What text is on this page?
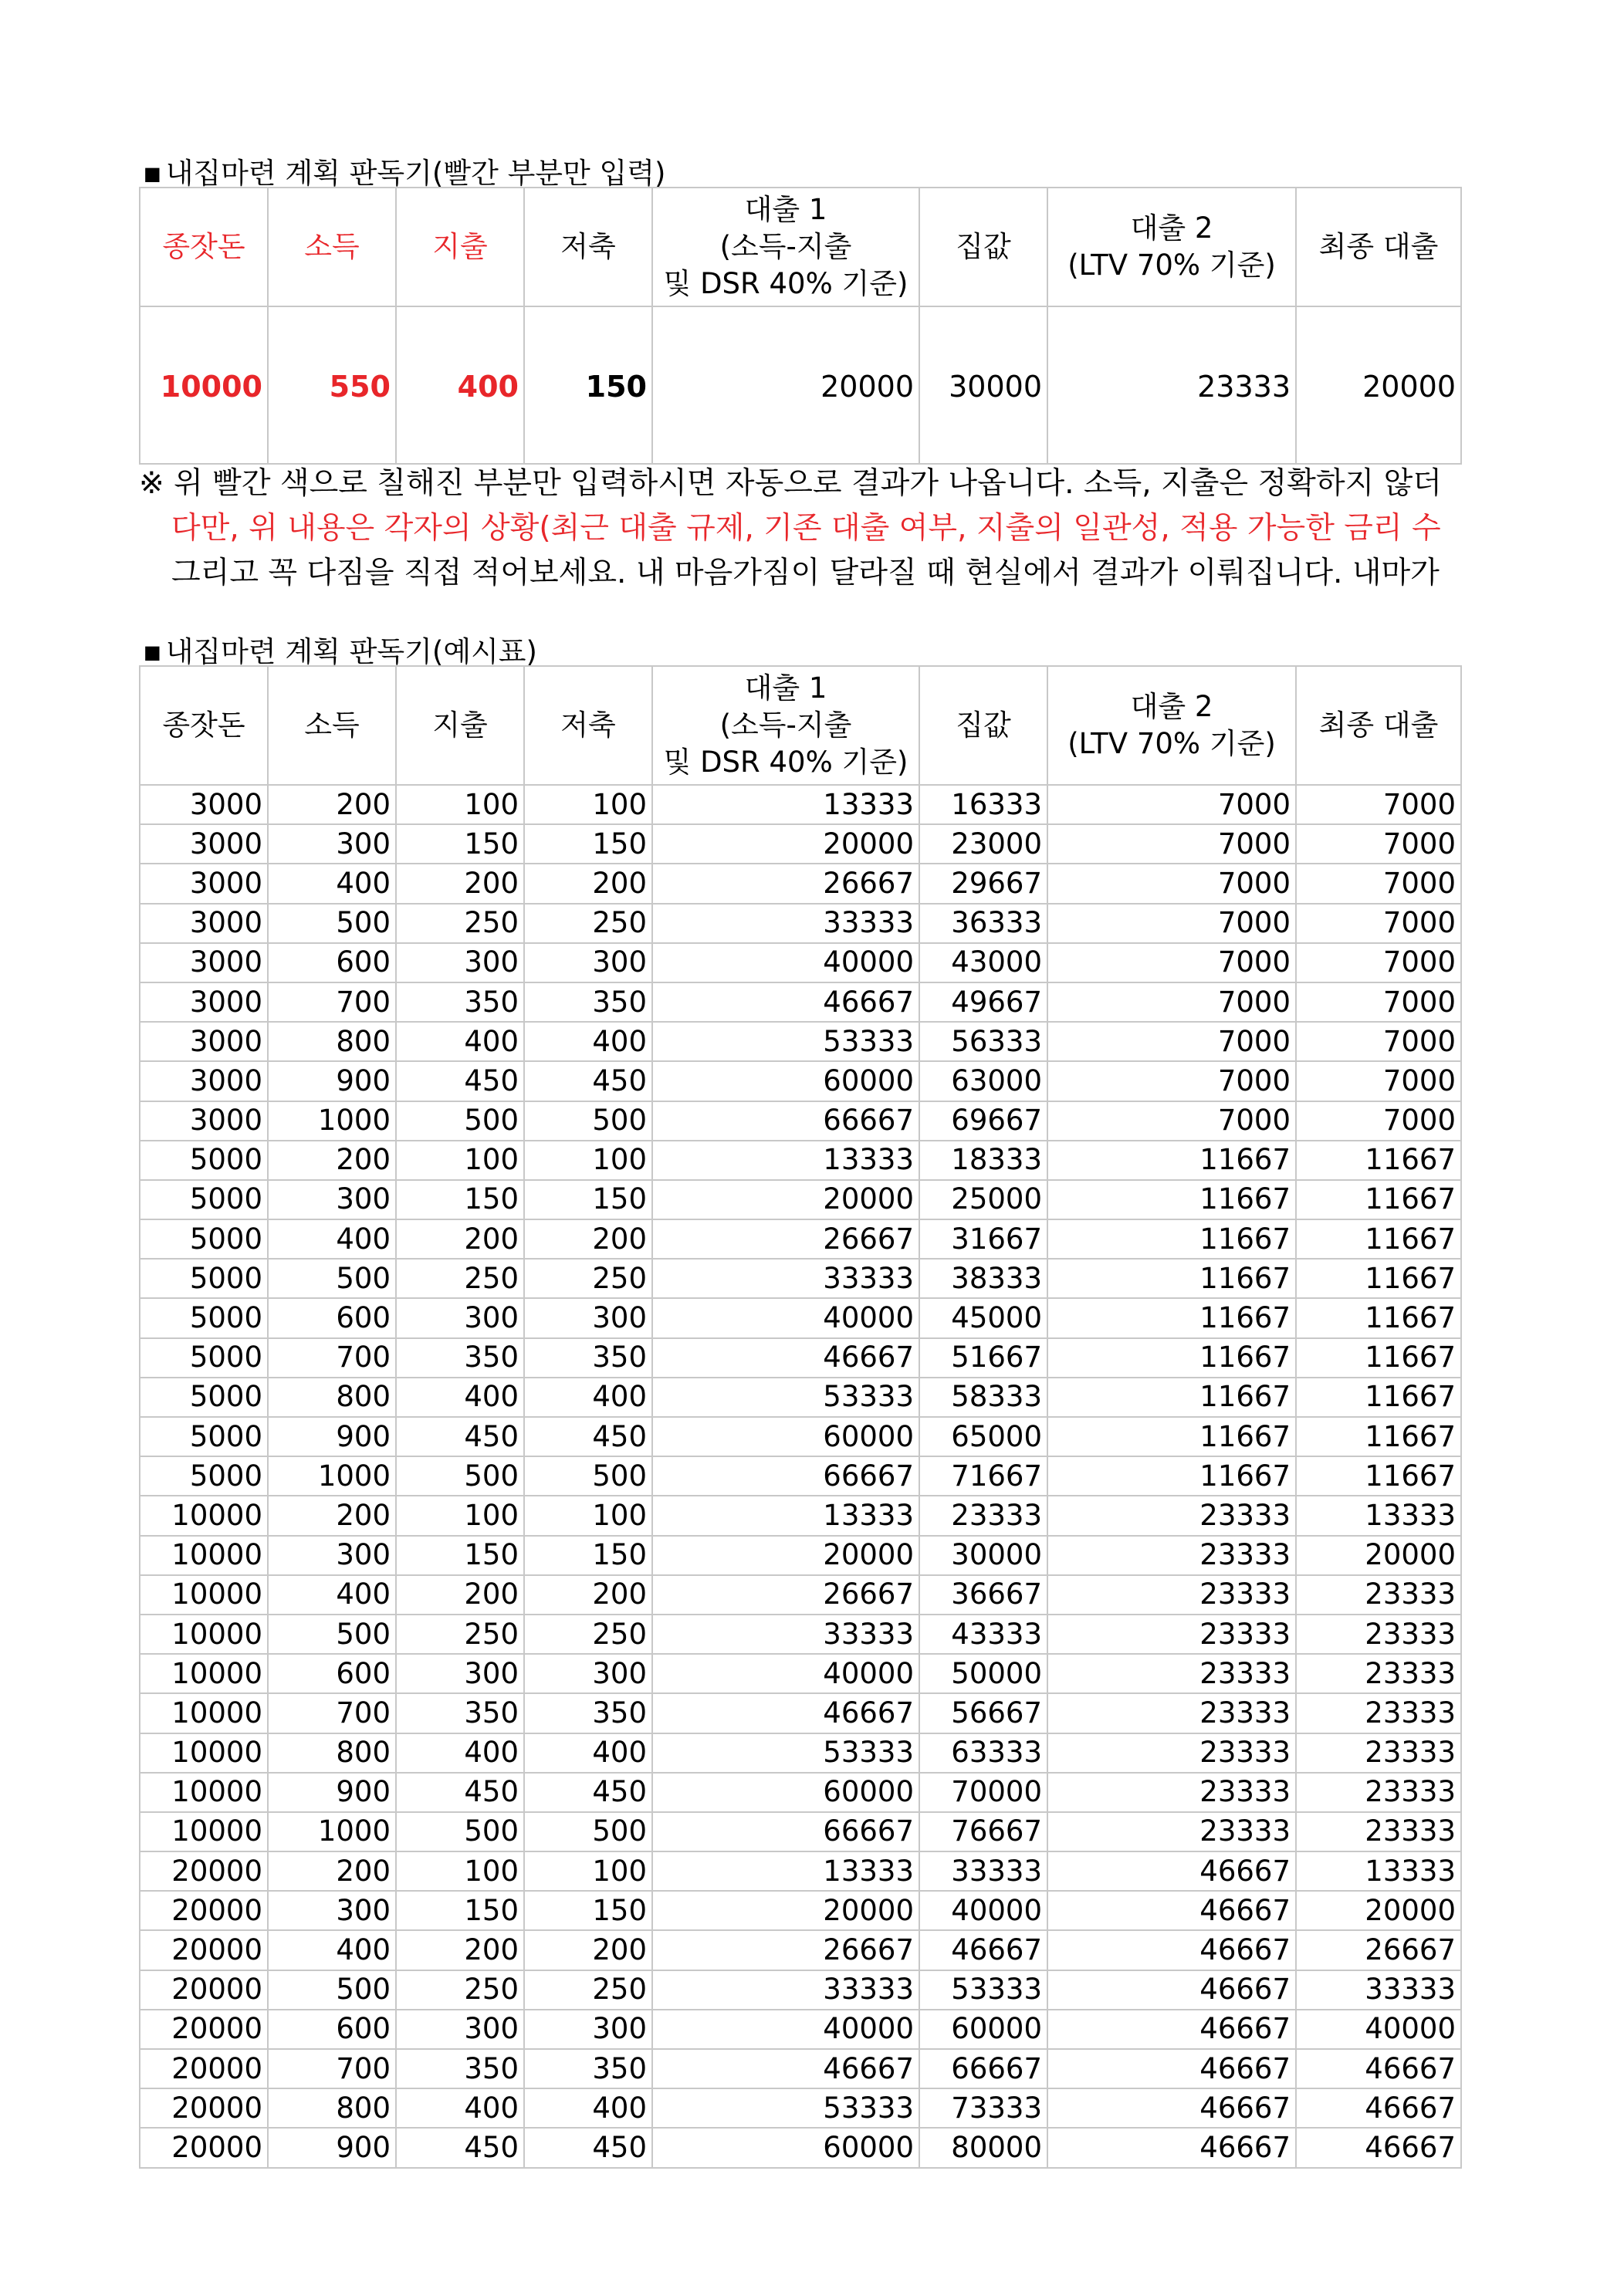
■ 내집마련 계획 판독기(빨간 부분만 입력)
종잣돈	소득	지출	저축	대출 1
(소득-지출
및 DSR 40% 기준)	집값	대출 2
(LTV 70% 기준)	최종 대출
10000	550	400	150	20000	30000	23333	20000
※ 위 빨간 색으로 칠해진 부분만 입력하시면 자동으로 결과가 나옵니다. 소득, 지출은 정확하지 않더
다만, 위 내용은 각자의 상황(최근 대출 규제, 기존 대출 여부, 지출의 일관성, 적용 가능한 금리 수
그리고 꼭 다짐을 직접 적어보세요. 내 마음가짐이 달라질 때 현실에서 결과가 이뤄집니다. 내마가
■ 내집마련 계획 판독기(예시표)
종잣돈	소득	지출	저축	대출 1
(소득-지출
및 DSR 40% 기준)	집값	대출 2
(LTV 70% 기준)	최종 대출
3000	200	100	100	13333	16333	7000	7000
3000	300	150	150	20000	23000	7000	7000
3000	400	200	200	26667	29667	7000	7000
3000	500	250	250	33333	36333	7000	7000
3000	600	300	300	40000	43000	7000	7000
3000	700	350	350	46667	49667	7000	7000
3000	800	400	400	53333	56333	7000	7000
3000	900	450	450	60000	63000	7000	7000
3000	1000	500	500	66667	69667	7000	7000
5000	200	100	100	13333	18333	11667	11667
5000	300	150	150	20000	25000	11667	11667
5000	400	200	200	26667	31667	11667	11667
5000	500	250	250	33333	38333	11667	11667
5000	600	300	300	40000	45000	11667	11667
5000	700	350	350	46667	51667	11667	11667
5000	800	400	400	53333	58333	11667	11667
5000	900	450	450	60000	65000	11667	11667
5000	1000	500	500	66667	71667	11667	11667
10000	200	100	100	13333	23333	23333	13333
10000	300	150	150	20000	30000	23333	20000
10000	400	200	200	26667	36667	23333	23333
10000	500	250	250	33333	43333	23333	23333
10000	600	300	300	40000	50000	23333	23333
10000	700	350	350	46667	56667	23333	23333
10000	800	400	400	53333	63333	23333	23333
10000	900	450	450	60000	70000	23333	23333
10000	1000	500	500	66667	76667	23333	23333
20000	200	100	100	13333	33333	46667	13333
20000	300	150	150	20000	40000	46667	20000
20000	400	200	200	26667	46667	46667	26667
20000	500	250	250	33333	53333	46667	33333
20000	600	300	300	40000	60000	46667	40000
20000	700	350	350	46667	66667	46667	46667
20000	800	400	400	53333	73333	46667	46667
20000	900	450	450	60000	80000	46667	46667
